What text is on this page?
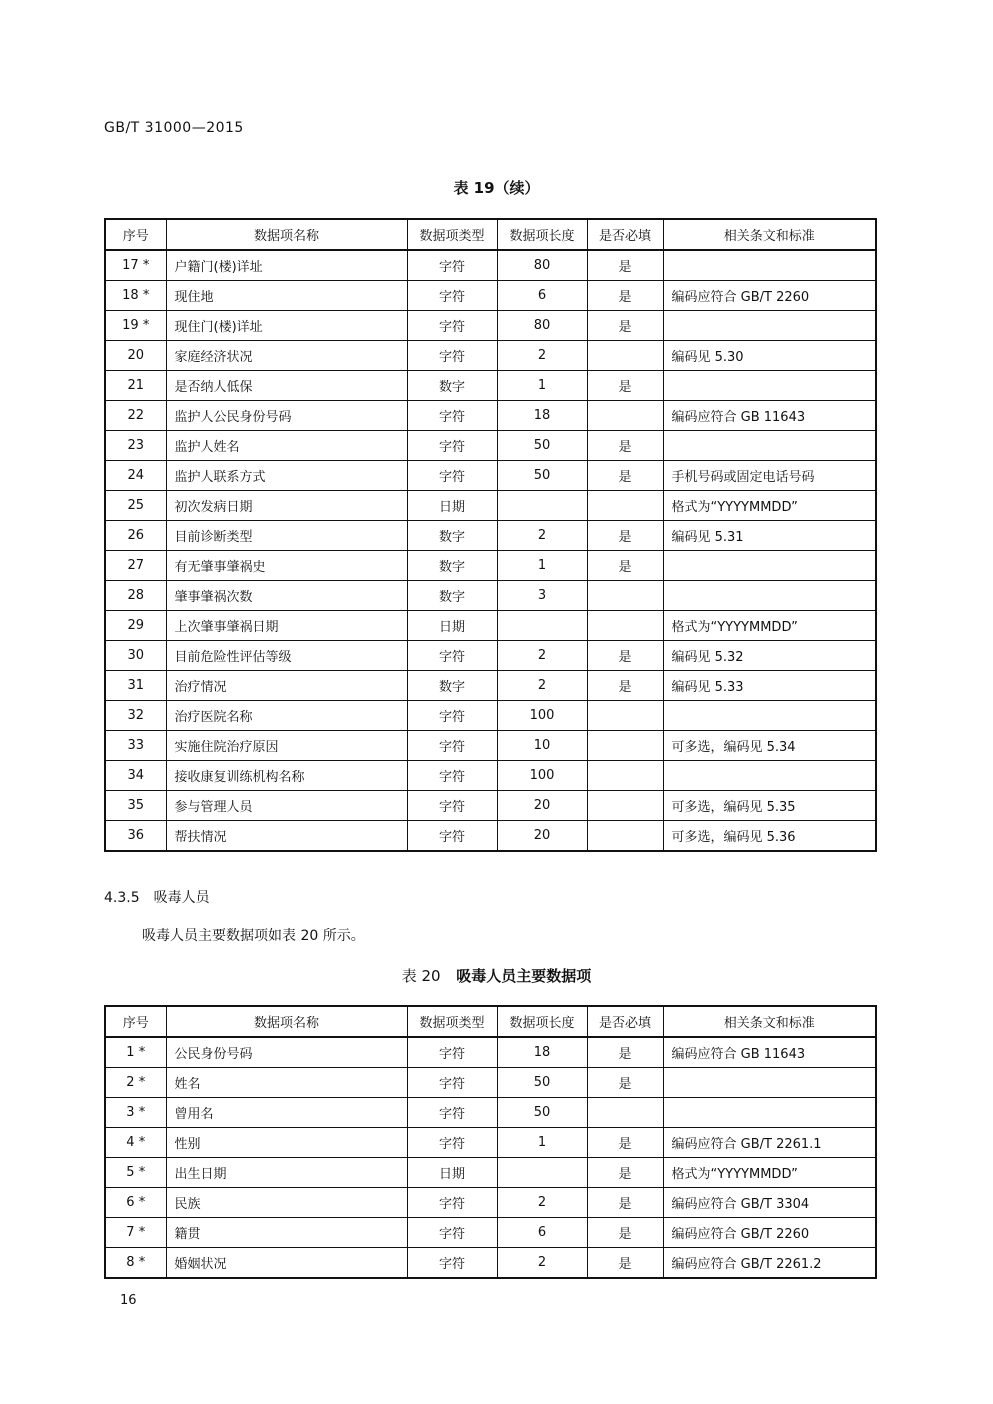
GB/T 31000—2015
表 19（续）
序号	数据项名称	数据项类型	数据项长度	是否必填	相关条文和标准
17 *	户籍门(楼)详址	字符	80	是	
18 *	现住地	字符	6	是	编码应符合 GB/T 2260
19 *	现住门(楼)详址	字符	80	是	
20	家庭经济状况	字符	2		编码见 5.30
21	是否纳人低保	数字	1	是	
22	监护人公民身份号码	字符	18		编码应符合 GB 11643
23	监护人姓名	字符	50	是	
24	监护人联系方式	字符	50	是	手机号码或固定电话号码
25	初次发病日期	日期			格式为“YYYYMMDD”
26	目前诊断类型	数字	2	是	编码见 5.31
27	有无肇事肇祸史	数字	1	是	
28	肇事肇祸次数	数字	3		
29	上次肇事肇祸日期	日期			格式为“YYYYMMDD”
30	目前危险性评估等级	字符	2	是	编码见 5.32
31	治疗情况	数字	2	是	编码见 5.33
32	治疗医院名称	字符	100		
33	实施住院治疗原因	字符	10		可多选，编码见 5.34
34	接收康复训练机构名称	字符	100		
35	参与管理人员	字符	20		可多选，编码见 5.35
36	帮扶情况	字符	20		可多选，编码见 5.36
4.3.5 吸毒人员
吸毒人员主要数据项如表 20 所示。
表 20 吸毒人员主要数据项
序号	数据项名称	数据项类型	数据项长度	是否必填	相关条文和标准
1 *	公民身份号码	字符	18	是	编码应符合 GB 11643
2 *	姓名	字符	50	是	
3 *	曾用名	字符	50		
4 *	性别	字符	1	是	编码应符合 GB/T 2261.1
5 *	出生日期	日期		是	格式为“YYYYMMDD”
6 *	民族	字符	2	是	编码应符合 GB/T 3304
7 *	籍贯	字符	6	是	编码应符合 GB/T 2260
8 *	婚姻状况	字符	2	是	编码应符合 GB/T 2261.2
16
